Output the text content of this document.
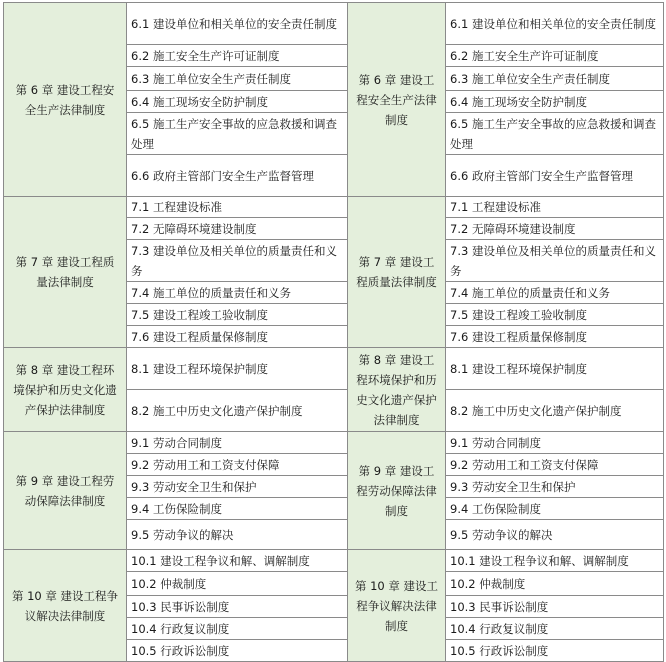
第 6 章 建设工程安全生产法律制度	6.1 建设单位和相关单位的安全责任制度	第 6 章 建设工程安全生产法律制度	6.1 建设单位和相关单位的安全责任制度
	6.2 施工安全生产许可证制度		6.2 施工安全生产许可证制度
	6.3 施工单位安全生产责任制度		6.3 施工单位安全生产责任制度
	6.4 施工现场安全防护制度		6.4 施工现场安全防护制度
	6.5 施工生产安全事故的应急救援和调查处理		6.5 施工生产安全事故的应急救援和调查处理
	6.6 政府主管部门安全生产监督管理		6.6 政府主管部门安全生产监督管理
第 7 章 建设工程质量法律制度	7.1 工程建设标准	第 7 章 建设工程质量法律制度	7.1 工程建设标准
	7.2 无障碍环境建设制度		7.2 无障碍环境建设制度
	7.3 建设单位及相关单位的质量责任和义务		7.3 建设单位及相关单位的质量责任和义务
	7.4 施工单位的质量责任和义务		7.4 施工单位的质量责任和义务
	7.5 建设工程竣工验收制度		7.5 建设工程竣工验收制度
	7.6 建设工程质量保修制度		7.6 建设工程质量保修制度
第 8 章 建设工程环境保护和历史文化遗产保护法律制度	8.1 建设工程环境保护制度	第 8 章 建设工程环境保护和历史文化遗产保护法律制度	8.1 建设工程环境保护制度
	8.2 施工中历史文化遗产保护制度		8.2 施工中历史文化遗产保护制度
第 9 章 建设工程劳动保障法律制度	9.1 劳动合同制度	第 9 章 建设工程劳动保障法律制度	9.1 劳动合同制度
	9.2 劳动用工和工资支付保障		9.2 劳动用工和工资支付保障
	9.3 劳动安全卫生和保护		9.3 劳动安全卫生和保护
	9.4 工伤保险制度		9.4 工伤保险制度
	9.5 劳动争议的解决		9.5 劳动争议的解决
第 10 章 建设工程争议解决法律制度	10.1 建设工程争议和解、调解制度	第 10 章 建设工程争议解决法律制度	10.1 建设工程争议和解、调解制度
	10.2 仲裁制度		10.2 仲裁制度
	10.3 民事诉讼制度		10.3 民事诉讼制度
	10.4 行政复议制度		10.4 行政复议制度
	10.5 行政诉讼制度		10.5 行政诉讼制度
